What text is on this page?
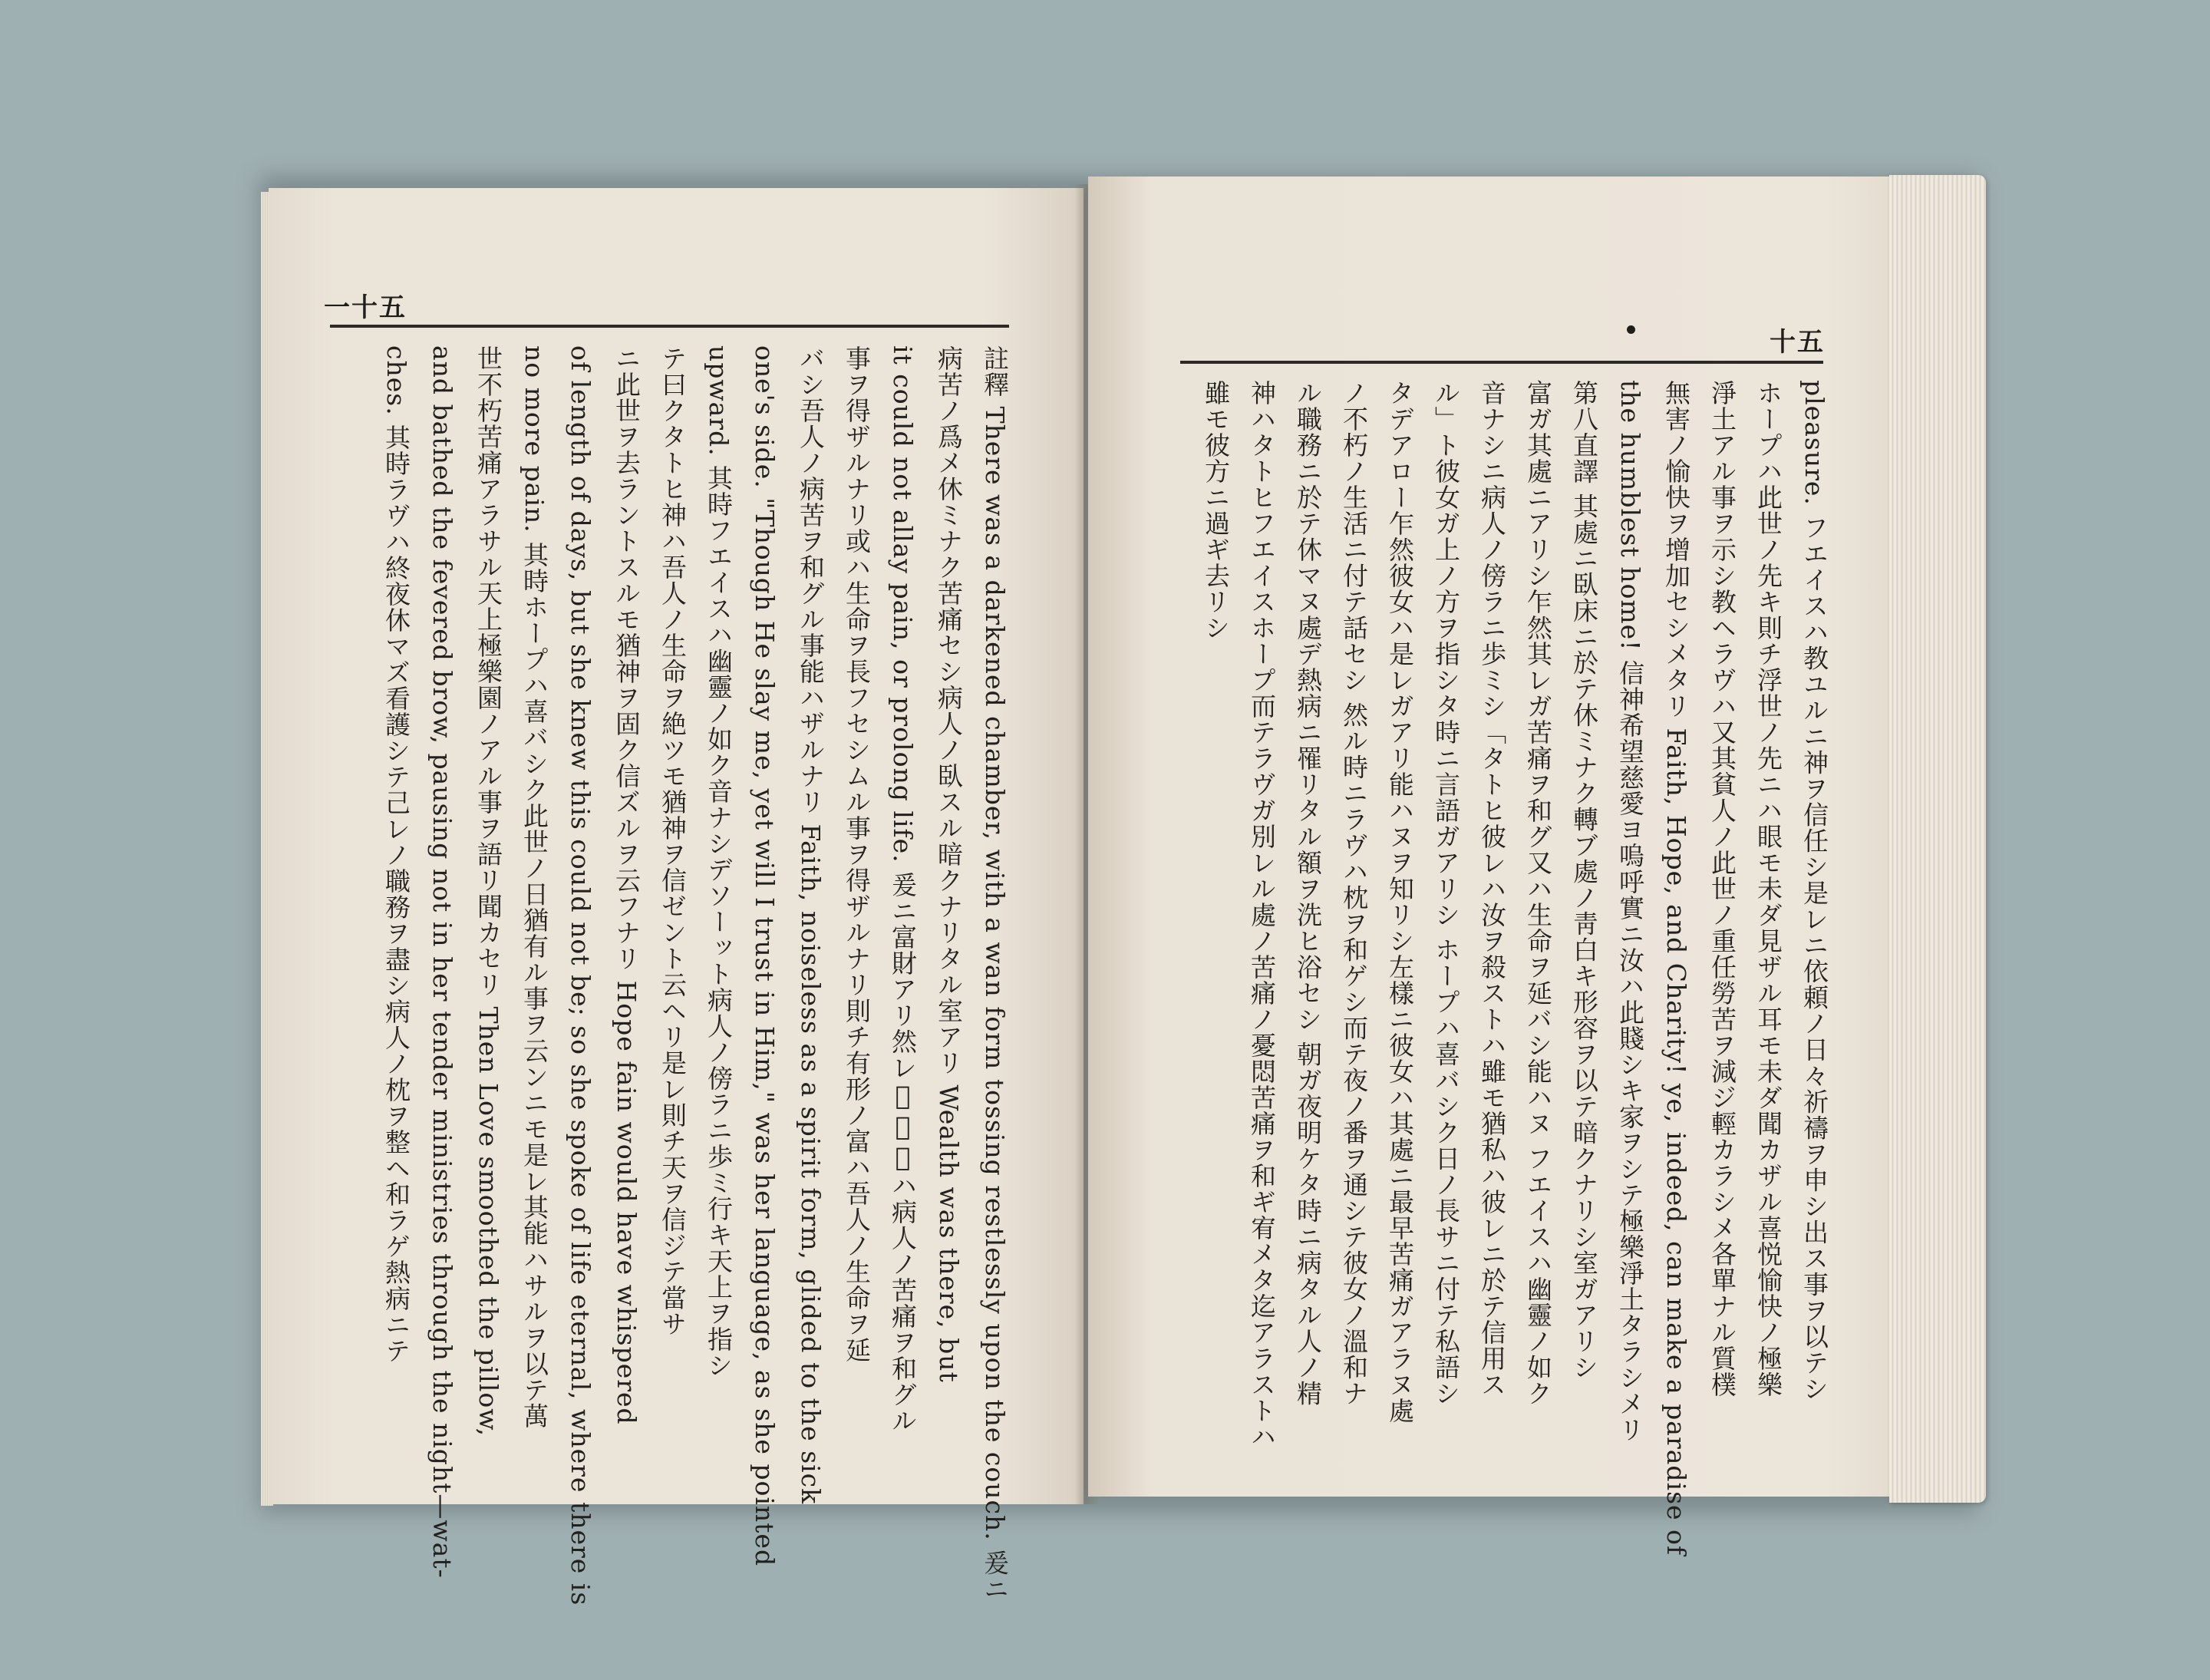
一十五
註釋 There was a darkened chamber, with a wan form tossing restlessly upon the couch. 爰ニ
病苦ノ爲メ休ミナク苦痛セシ病人ノ臥スル暗クナリタル室アリ Wealth was there, but
it could not allay pain, or prolong life. 爰ニ富財アリ然レ𪜈其富ハ病人ノ苦痛ヲ和グル
事ヲ得ザルナリ或ハ生命ヲ長フセシムル事ヲ得ザルナリ則チ有形ノ富ハ吾人ノ生命ヲ延
バシ吾人ノ病苦ヲ和グル事能ハザルナリ Faith, noiseless as a spirit form, glided to the sick
one's side. "Though He slay me, yet will I trust in Him," was her language, as she pointed
upward. 其時フエイスハ幽靈ノ如ク音ナシデソーット病人ノ傍ラニ歩ミ行キ天上ヲ指シ
テ曰クタトヒ神ハ吾人ノ生命ヲ絶ツモ猶神ヲ信ゼント云ヘリ是レ則チ天ヲ信ジテ當サ
ニ此世ヲ去ラントスルモ猶神ヲ固ク信ズルヲ云フナリ Hope fain would have whispered
of length of days, but she knew this could not be; so she spoke of life eternal, where there is
no more pain. 其時ホープハ喜バシク此世ノ日猶有ル事ヲ云ンニモ是レ其能ハサルヲ以テ萬
世不朽苦痛アラサル天上極樂園ノアル事ヲ語リ聞カセリ Then Love smoothed the pillow,
and bathed the fevered brow, pausing not in her tender ministries through the night—wat-
ches. 其時ラヴハ終夜休マズ看護シテ己レノ職務ヲ盡シ病人ノ枕ヲ整ヘ和ラゲ熱病ニテ
十五
pleasure. フエイスハ教ユルニ神ヲ信任シ是レニ依頼ノ日々祈禱ヲ申シ出ス事ヲ以テシ
ホープハ此世ノ先キ則チ浮世ノ先ニハ眼モ未ダ見ザル耳モ未ダ聞カザル喜悦愉快ノ極樂
淨土アル事ヲ示シ教ヘラヴハ又其貧人ノ此世ノ重任勞苦ヲ減ジ輕カラシメ各單ナル質樸
無害ノ愉快ヲ增加セシメタリ Faith, Hope, and Charity! ye, indeed, can make a paradise of
the humblest home! 信神希望慈愛ヨ嗚呼實ニ汝ハ此賤シキ家ヲシテ極樂淨土タラシメリ
第八直譯 其處ニ臥床ニ於テ休ミナク轉ブ處ノ靑白キ形容ヲ以テ暗クナリシ室ガアリシ
富ガ其處ニアリシ乍然其レガ苦痛ヲ和グ又ハ生命ヲ延バシ能ハヌ フエイスハ幽靈ノ如ク
音ナシニ病人ノ傍ラニ歩ミシ「タトヒ彼レハ汝ヲ殺ストハ雖モ猶私ハ彼レニ於テ信用ス
ル」ト彼女ガ上ノ方ヲ指シタ時ニ言語ガアリシ ホープハ喜バシク日ノ長サニ付テ私語シ
タデアロー乍然彼女ハ是レガアリ能ハヌヲ知リシ左樣ニ彼女ハ其處ニ最早苦痛ガアラヌ處
ノ不朽ノ生活ニ付テ話セシ 然ル時ニラヴハ枕ヲ和ゲシ而テ夜ノ番ヲ通シテ彼女ノ溫和ナ
ル職務ニ於テ休マヌ處デ熱病ニ罹リタル額ヲ洗ヒ浴セシ 朝ガ夜明ケタ時ニ病タル人ノ精
神ハタトヒフエイスホープ而テラヴガ別レル處ノ苦痛ノ憂悶苦痛ヲ和ギ宥メタ迄アラストハ
雖モ彼方ニ過ギ去リシ
